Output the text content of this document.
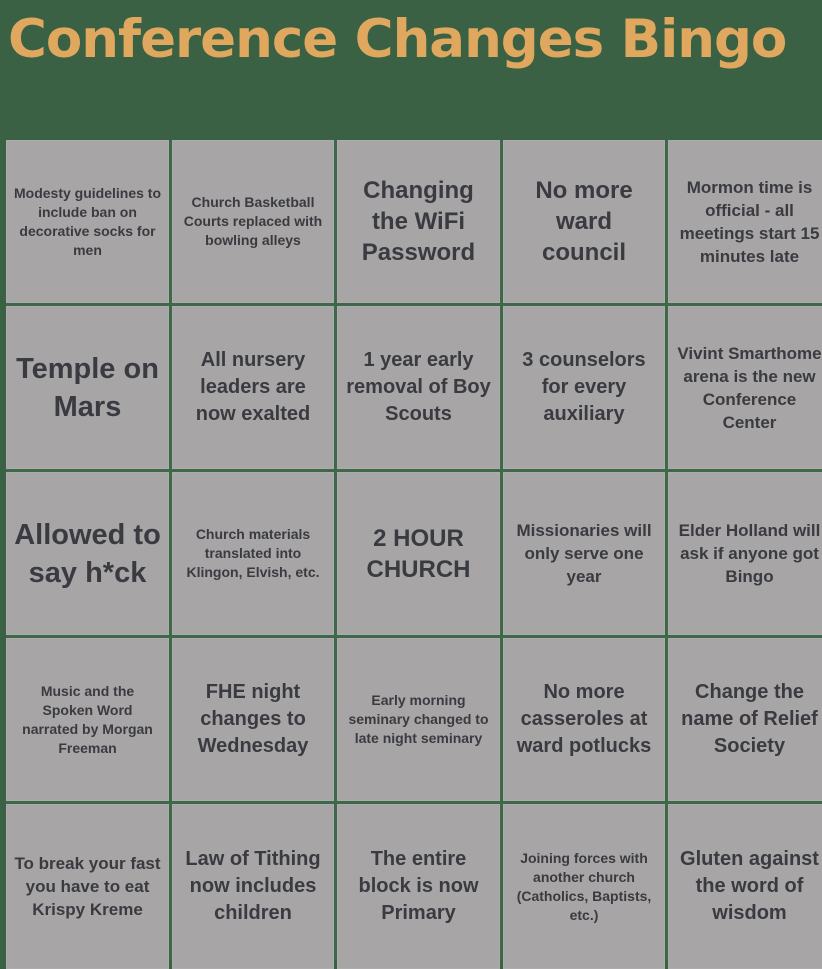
Conference Changes Bingo
Modesty guidelines to include ban on decorative socks for men
Church Basketball Courts replaced with bowling alleys
Changing the WiFi Password
No more ward council
Mormon time is official - all meetings start 15 minutes late
Temple on Mars
All nursery leaders are now exalted
1 year early removal of Boy Scouts
3 counselors for every auxiliary
Vivint Smarthome arena is the new Conference Center
Allowed to say h*ck
Church materials translated into Klingon, Elvish, etc.
2 HOUR CHURCH
Missionaries will only serve one year
Elder Holland will ask if anyone got Bingo
Music and the Spoken Word narrated by Morgan Freeman
FHE night changes to Wednesday
Early morning seminary changed to late night seminary
No more casseroles at ward potlucks
Change the name of Relief Society
To break your fast you have to eat Krispy Kreme
Law of Tithing now includes children
The entire block is now Primary
Joining forces with another church (Catholics, Baptists, etc.)
Gluten against the word of wisdom
